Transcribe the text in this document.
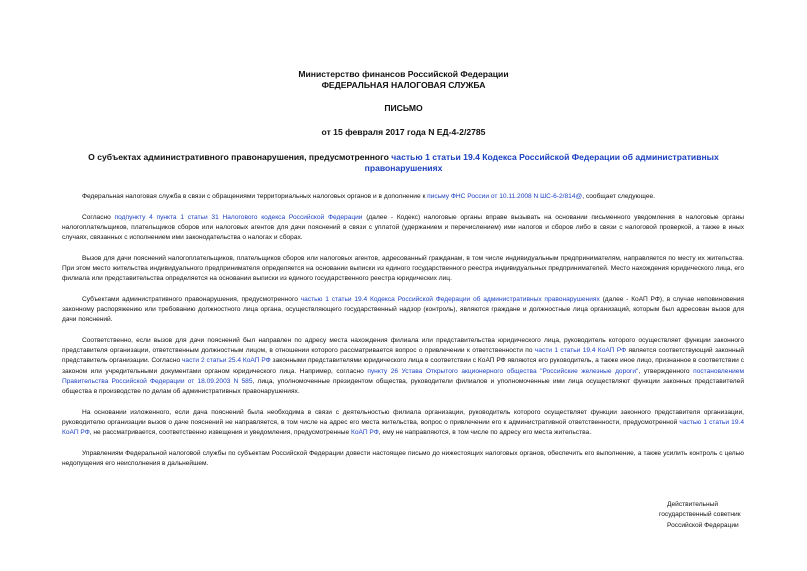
Министерство финансов Российской Федерации
ФЕДЕРАЛЬНАЯ НАЛОГОВАЯ СЛУЖБА
ПИСЬМО
от 15 февраля 2017 года N ЕД-4-2/2785
О субъектах административного правонарушения, предусмотренного частью 1 статьи 19.4 Кодекса Российской Федерации об административных правонарушениях

Федеральная налоговая служба в связи с обращениями территориальных налоговых органов и в дополнение к письму ФНС России от 10.11.2008 N ШС-6-2/814@, сообщает следующее.

Согласно подпункту 4 пункта 1 статьи 31 Налогового кодекса Российской Федерации (далее - Кодекс) налоговые органы вправе вызывать на основании письменного уведомления в налоговые органы налогоплательщиков, плательщиков сборов или налоговых агентов для дачи пояснений в связи с уплатой (удержанием и перечислением) ими налогов и сборов либо в связи с налоговой проверкой, а также в иных случаях, связанных с исполнением ими законодательства о налогах и сборах.

Вызов для дачи пояснений налогоплательщиков, плательщиков сборов или налоговых агентов, адресованный гражданам, в том числе индивидуальным предпринимателям, направляется по месту их жительства. При этом место жительства индивидуального предпринимателя определяется на основании выписки из единого государственного реестра индивидуальных предпринимателей. Место нахождения юридического лица, его филиала или представительства определяется на основании выписки из единого государственного реестра юридических лиц.

Субъектами административного правонарушения, предусмотренного частью 1 статьи 19.4 Кодекса Российской Федерации об административных правонарушениях (далее - КоАП РФ), в случае неповиновения законному распоряжению или требованию должностного лица органа, осуществляющего государственный надзор (контроль), являются граждане и должностные лица организаций, которым был адресован вызов для дачи пояснений.

Соответственно, если вызов для дачи пояснений был направлен по адресу места нахождения филиала или представительства юридического лица, руководитель которого осуществляет функции законного представителя организации, ответственным должностным лицом, в отношении которого рассматривается вопрос о привлечении к ответственности по части 1 статьи 19.4 КоАП РФ является соответствующий законный представитель организации. Согласно части 2 статьи 25.4 КоАП РФ законными представителями юридического лица в соответствии с КоАП РФ являются его руководитель, а также иное лицо, признанное в соответствии с законом или учредительными документами органом юридического лица. Например, согласно пункту 26 Устава Открытого акционерного общества "Российские железные дороги", утвержденного постановлением Правительства Российской Федерации от 18.09.2003 N 585, лица, уполномоченные президентом общества, руководители филиалов и уполномоченные ими лица осуществляют функции законных представителей общества в производстве по делам об административных правонарушениях.

На основании изложенного, если дача пояснений была необходима в связи с деятельностью филиала организации, руководитель которого осуществляет функции законного представителя организации, руководителю организации вызов о даче пояснений не направляется, в том числе на адрес его места жительства, вопрос о привлечении его к административной ответственности, предусмотренной частью 1 статьи 19.4 КоАП РФ, не рассматривается, соответственно извещения и уведомления, предусмотренные КоАП РФ, ему не направляются, в том числе по адресу его места жительства.

Управлениям Федеральной налоговой службы по субъектам Российской Федерации довести настоящее письмо до нижестоящих налоговых органов, обеспечить его выполнение, а также усилить контроль с целью недопущения его неисполнения в дальнейшем.

Действительный
государственный советник
Российской Федерации
